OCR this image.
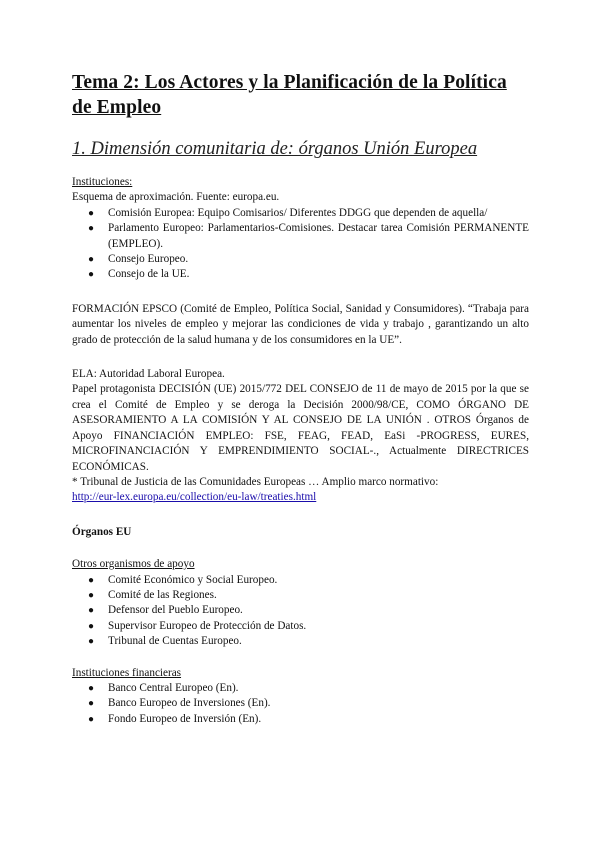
Tema 2: Los Actores y la Planificación de la Política de Empleo
1. Dimensión comunitaria de: órganos Unión Europea

Instituciones:

Esquema de aproximación. Fuente: europa.eu.

● Comisión Europea: Equipo Comisarios/ Diferentes DDGG que dependen de aquella/
● Parlamento Europeo: Parlamentarios-Comisiones. Destacar tarea Comisión PERMANENTE (EMPLEO).
● Consejo Europeo.
● Consejo de la UE.

FORMACIÓN EPSCO (Comité de Empleo, Política Social, Sanidad y Consumidores). “Trabaja para aumentar los niveles de empleo y mejorar las condiciones de vida y trabajo , garantizando un alto grado de protección de la salud humana y de los consumidores en la UE”.

ELA: Autoridad Laboral Europea.

Papel protagonista DECISIÓN (UE) 2015/772 DEL CONSEJO de 11 de mayo de 2015 por la que se crea el Comité de Empleo y se deroga la Decisión 2000/98/CE, COMO ÓRGANO DE ASESORAMIENTO A LA COMISIÓN Y AL CONSEJO DE LA UNIÓN . OTROS Órganos de Apoyo FINANCIACIÓN EMPLEO: FSE, FEAG, FEAD, EaSi -PROGRESS, EURES, MICROFINANCIACIÓN Y EMPRENDIMIENTO SOCIAL-., Actualmente DIRECTRICES ECONÓMICAS.

* Tribunal de Justicia de las Comunidades Europeas … Amplio marco normativo:

http://eur-lex.europa.eu/collection/eu-law/treaties.html

Órganos EU

Otros organismos de apoyo

● Comité Económico y Social Europeo.
● Comité de las Regiones.
● Defensor del Pueblo Europeo.
● Supervisor Europeo de Protección de Datos.
● Tribunal de Cuentas Europeo.

Instituciones financieras

● Banco Central Europeo (En).
● Banco Europeo de Inversiones (En).
● Fondo Europeo de Inversión (En).
